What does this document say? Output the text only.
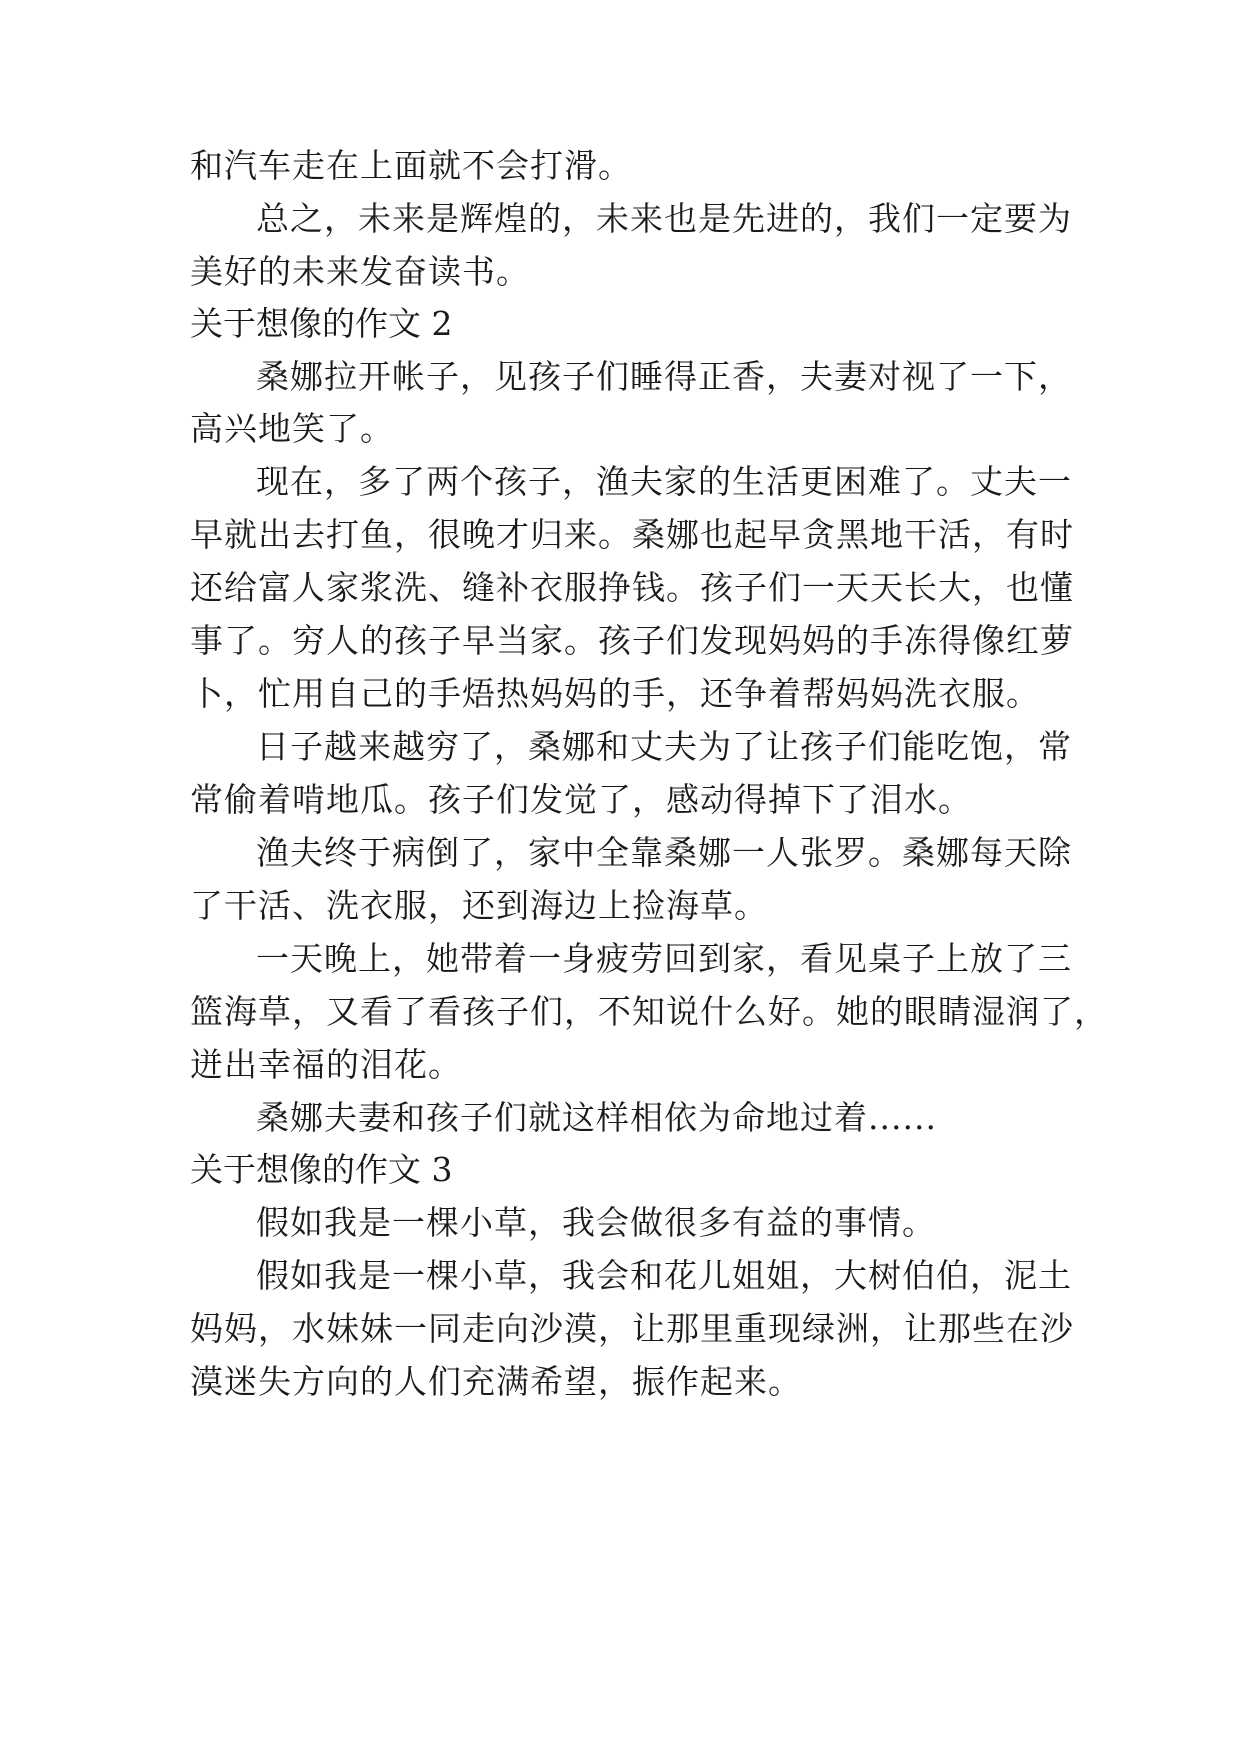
和汽车走在上面就不会打滑。
总之，未来是辉煌的，未来也是先进的，我们一定要为
美好的未来发奋读书。
关于想像的作文 2
桑娜拉开帐子，见孩子们睡得正香，夫妻对视了一下，
高兴地笑了。
现在，多了两个孩子，渔夫家的生活更困难了。丈夫一
早就出去打鱼，很晚才归来。桑娜也起早贪黑地干活，有时
还给富人家浆洗、缝补衣服挣钱。孩子们一天天长大，也懂
事了。穷人的孩子早当家。孩子们发现妈妈的手冻得像红萝
卜，忙用自己的手焐热妈妈的手，还争着帮妈妈洗衣服。
日子越来越穷了，桑娜和丈夫为了让孩子们能吃饱，常
常偷着啃地瓜。孩子们发觉了，感动得掉下了泪水。
渔夫终于病倒了，家中全靠桑娜一人张罗。桑娜每天除
了干活、洗衣服，还到海边上捡海草。
一天晚上，她带着一身疲劳回到家，看见桌子上放了三
篮海草，又看了看孩子们，不知说什么好。她的眼睛湿润了，
迸出幸福的泪花。
桑娜夫妻和孩子们就这样相依为命地过着......
关于想像的作文 3
假如我是一棵小草，我会做很多有益的事情。
假如我是一棵小草，我会和花儿姐姐，大树伯伯，泥土
妈妈，水妹妹一同走向沙漠，让那里重现绿洲，让那些在沙
漠迷失方向的人们充满希望，振作起来。
